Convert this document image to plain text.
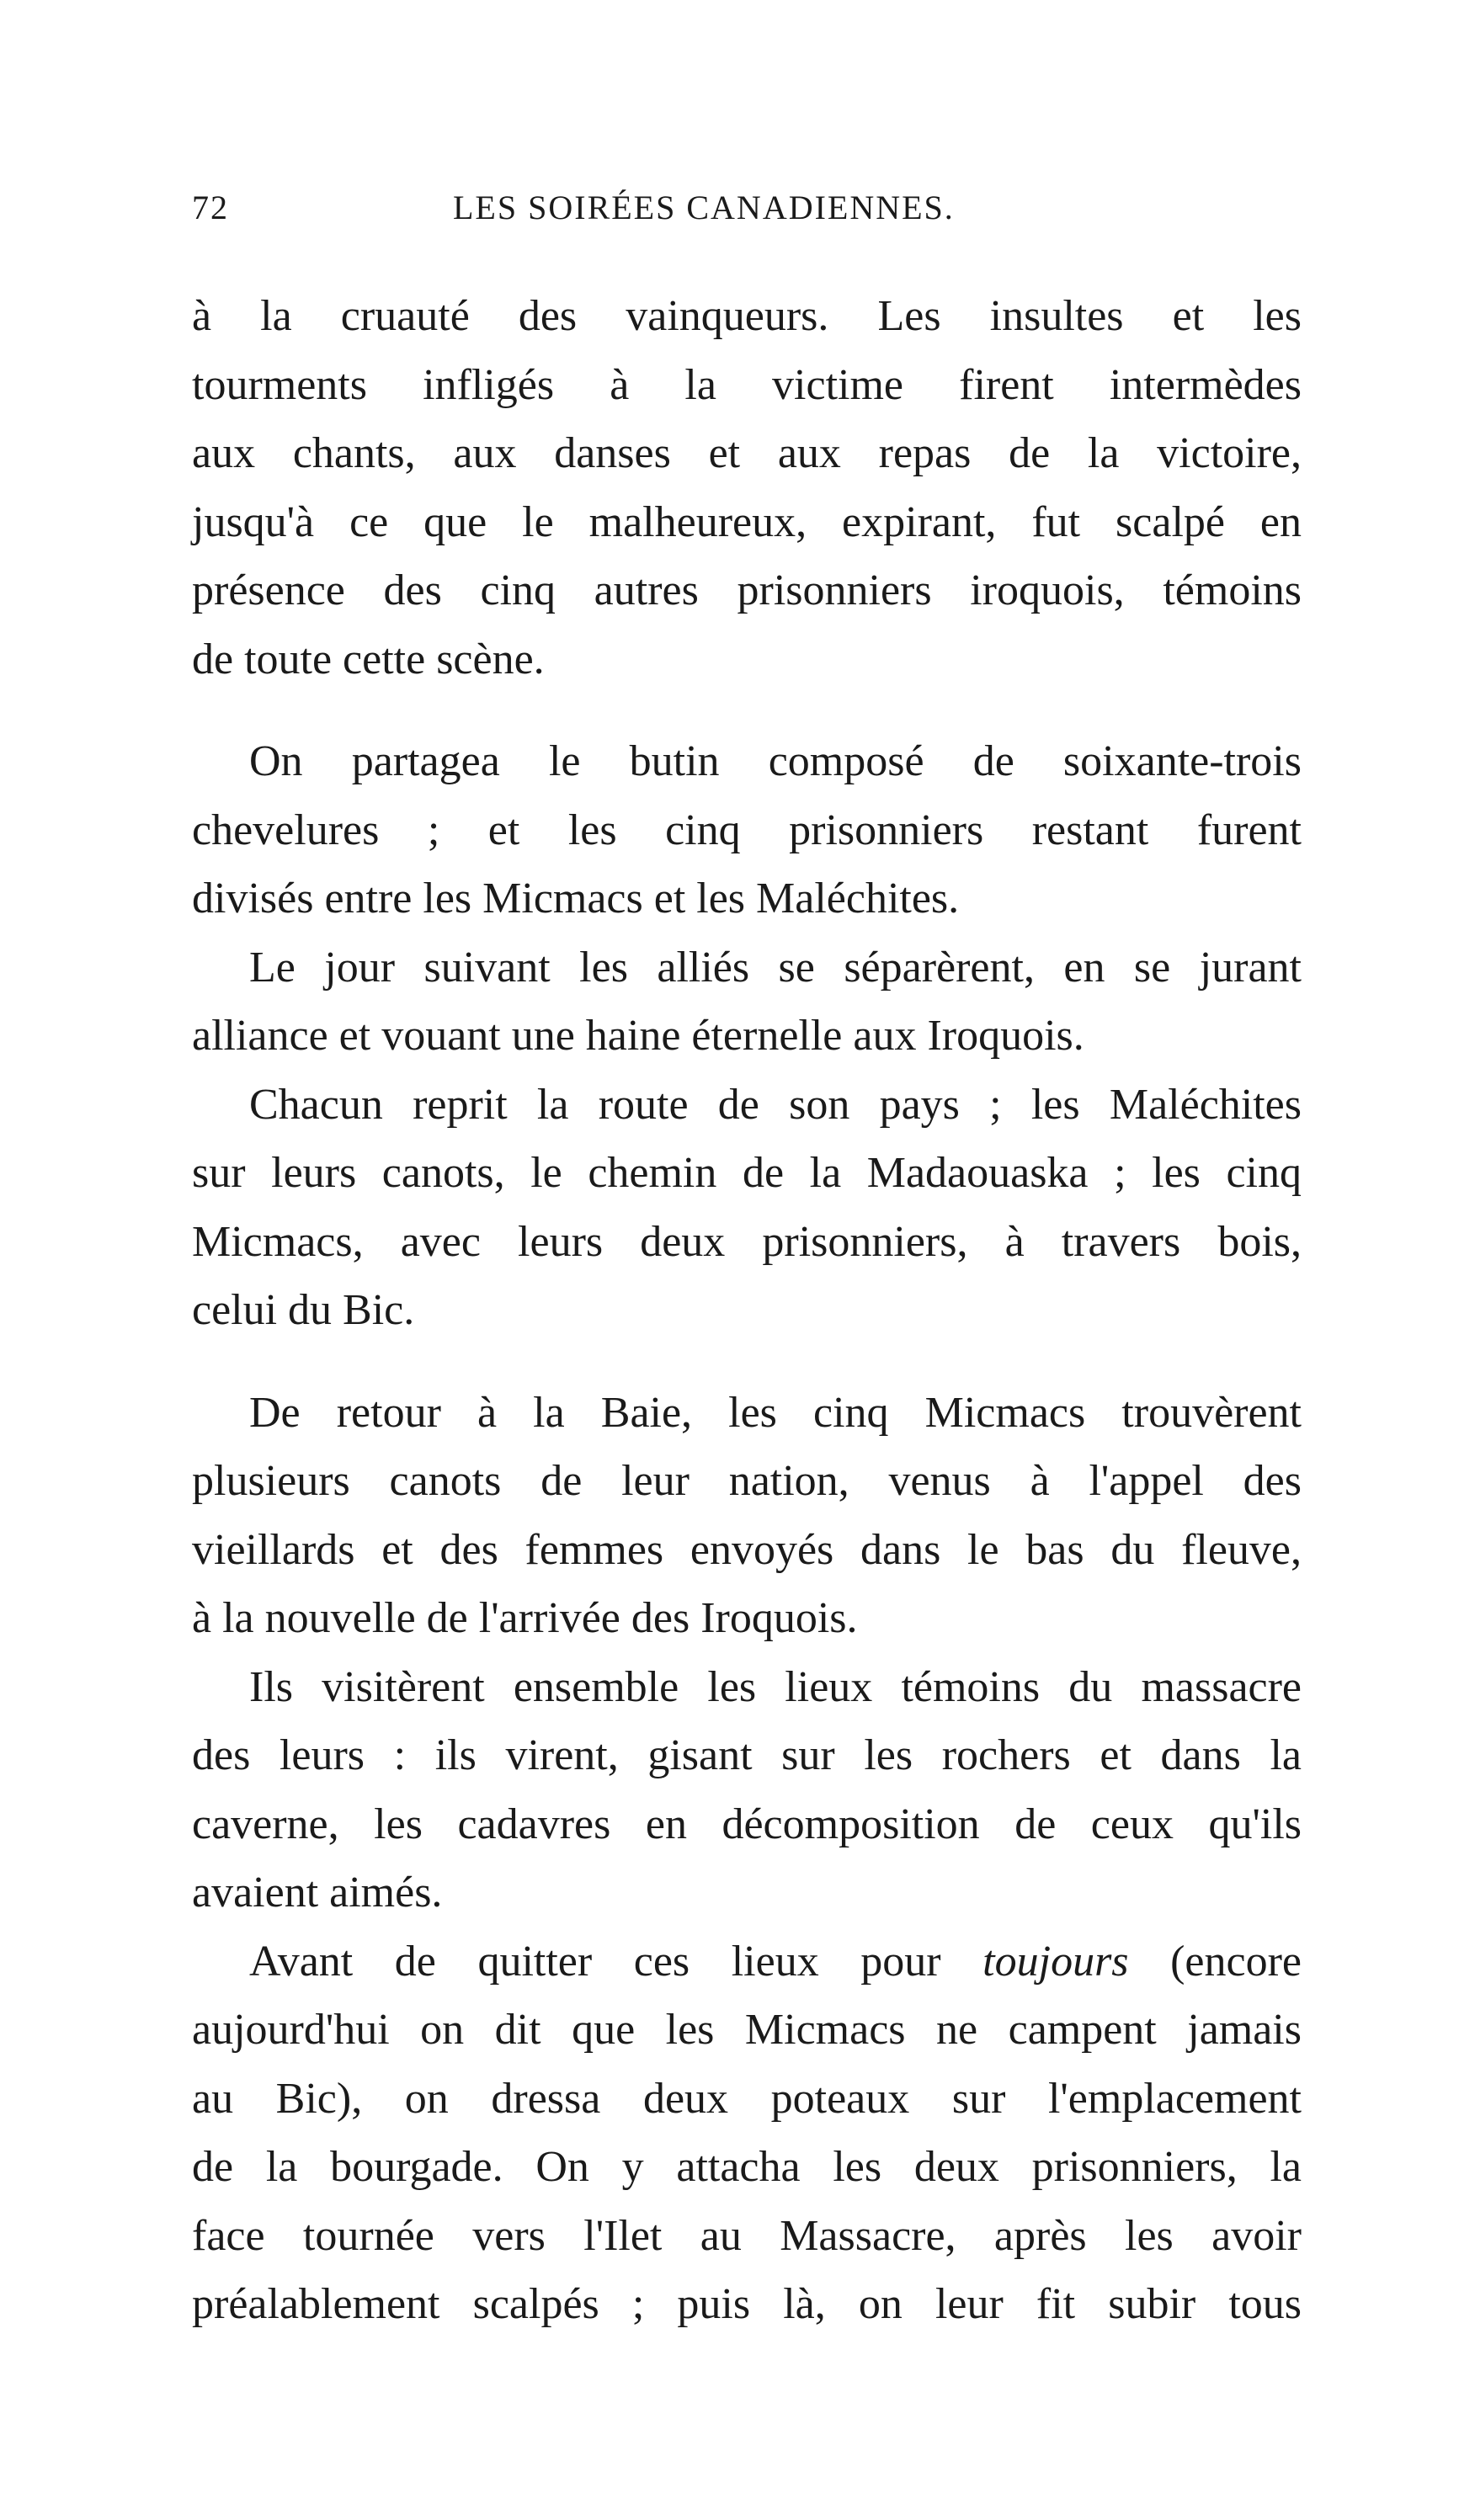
72	LES SOIRÉES CANADIENNES.
à la cruauté des vainqueurs. Les insultes et les
tourments infligés à la victime firent intermèdes
aux chants, aux danses et aux repas de la victoire,
jusqu'à ce que le malheureux, expirant, fut scalpé en
présence des cinq autres prisonniers iroquois, témoins
de toute cette scène.
On partagea le butin composé de soixante-trois
chevelures ; et les cinq prisonniers restant furent
divisés entre les Micmacs et les Maléchites.
Le jour suivant les alliés se séparèrent, en se jurant
alliance et vouant une haine éternelle aux Iroquois.
Chacun reprit la route de son pays ; les Maléchites
sur leurs canots, le chemin de la Madaouaska ; les cinq
Micmacs, avec leurs deux prisonniers, à travers bois,
celui du Bic.
De retour à la Baie, les cinq Micmacs trouvèrent
plusieurs canots de leur nation, venus à l'appel des
vieillards et des femmes envoyés dans le bas du fleuve,
à la nouvelle de l'arrivée des Iroquois.
Ils visitèrent ensemble les lieux témoins du massacre
des leurs : ils virent, gisant sur les rochers et dans la
caverne, les cadavres en décomposition de ceux qu'ils
avaient aimés.
Avant de quitter ces lieux pour toujours (encore
aujourd'hui on dit que les Micmacs ne campent jamais
au Bic), on dressa deux poteaux sur l'emplacement
de la bourgade. On y attacha les deux prisonniers, la
face tournée vers l'Ilet au Massacre, après les avoir
préalablement scalpés ; puis là, on leur fit subir tous
